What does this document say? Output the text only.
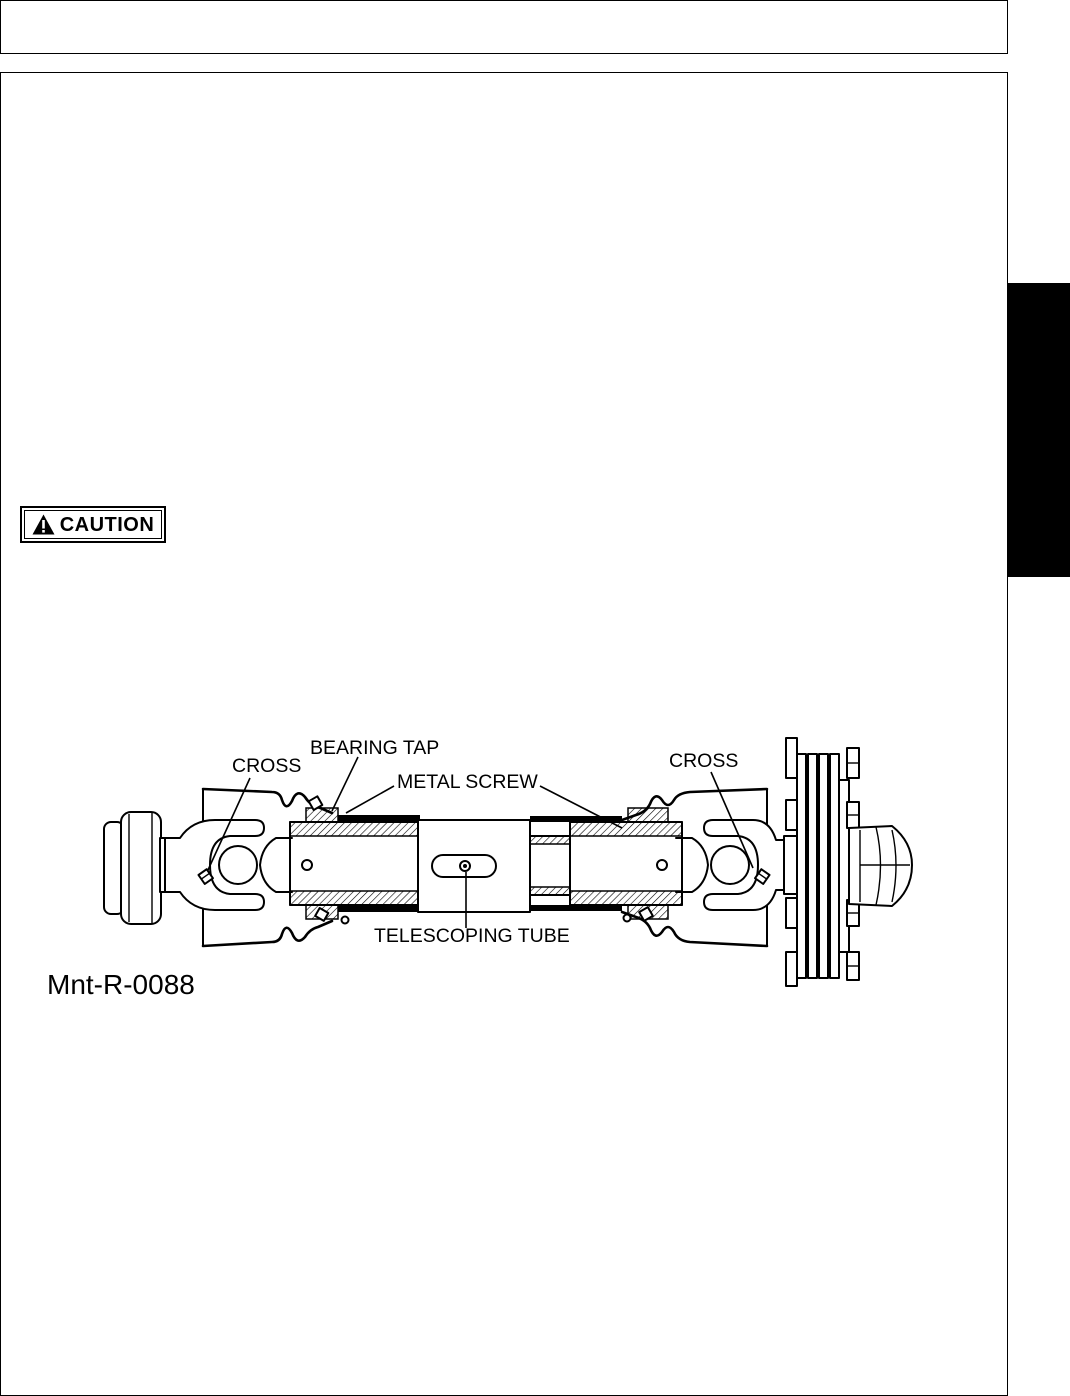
CAUTION
BEARING TAP
CROSS
METAL SCREW
CROSS
TELESCOPING TUBE
Mnt-R-0088
